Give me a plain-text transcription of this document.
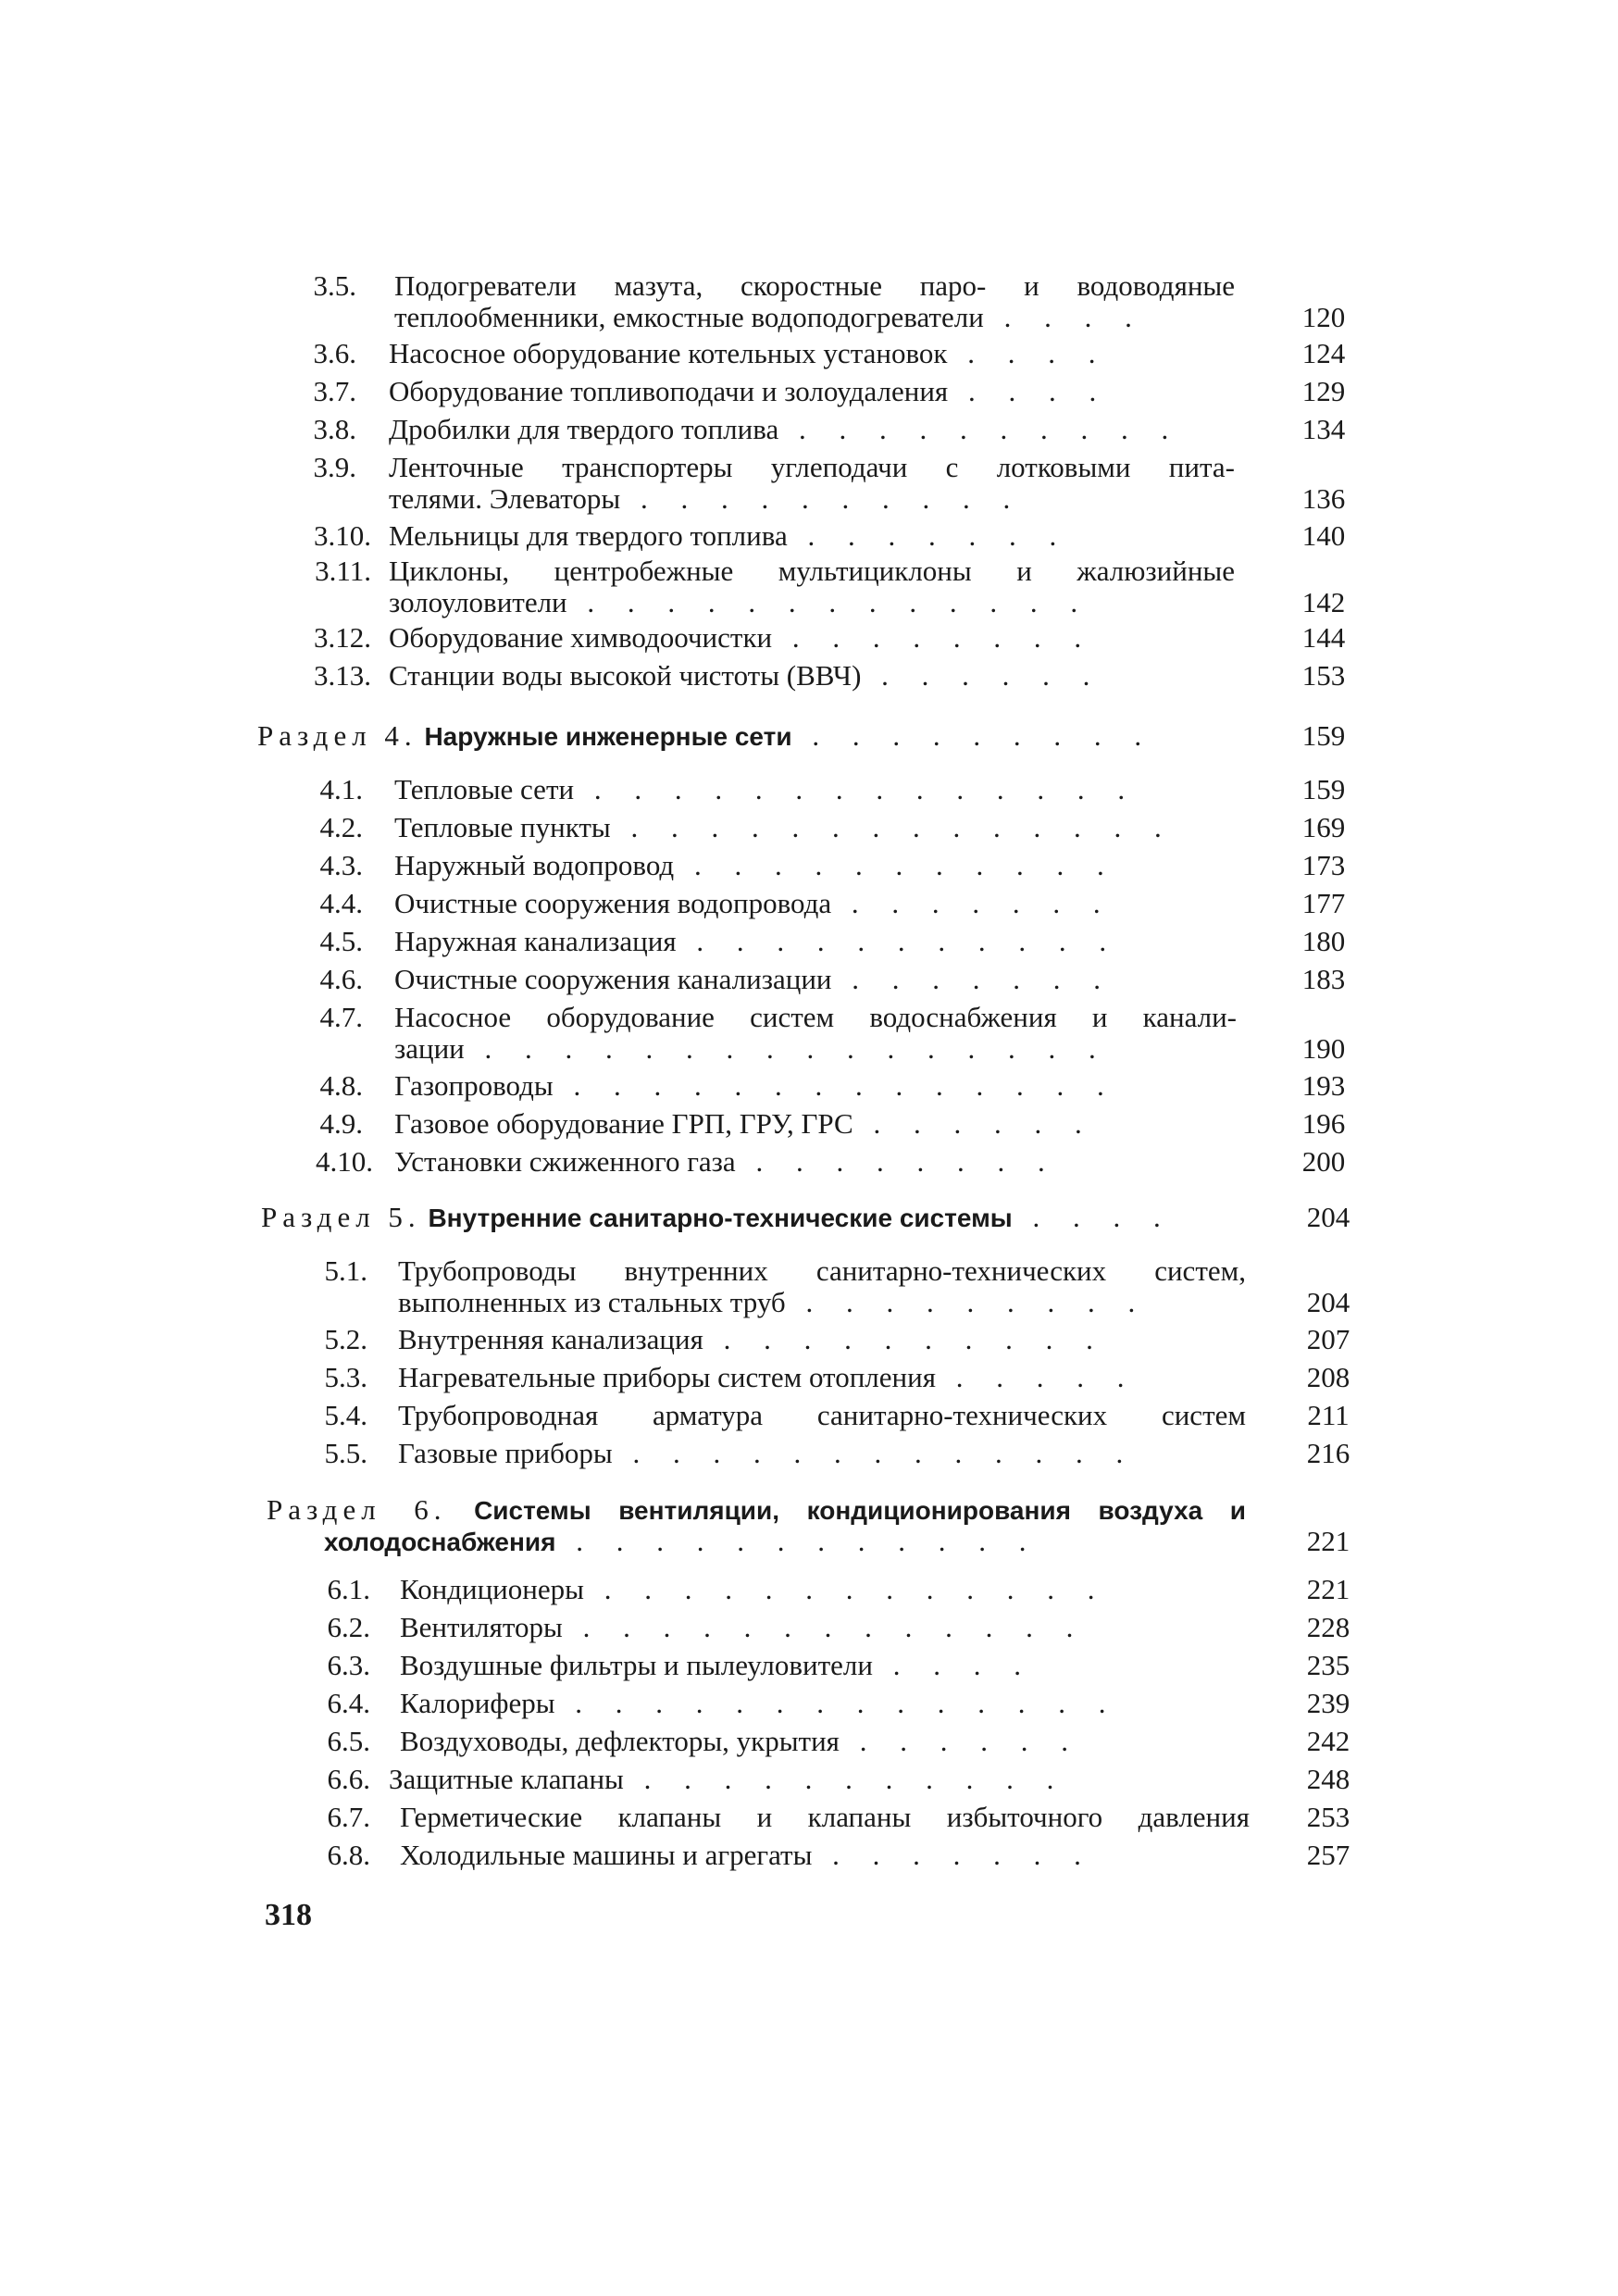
3.5. Подогреватели мазута, скоростные паро- и водоводяные
теплообменники, емкостные водоподогреватели . . . .	120
3.6. Насосное оборудование котельных установок . . . .	124
3.7. Оборудование топливоподачи и золоудаления . . . .	129
3.8. Дробилки для твердого топлива . . . . . . . . . .	134
3.9. Ленточные транспортеры углеподачи с лотковыми пита-
телями. Элеваторы . . . . . . . . . .	136
3.10. Мельницы для твердого топлива . . . . . . .	140
3.11. Циклоны, центробежные мультициклоны и жалюзийные
золоуловители . . . . . . . . . . . . .	142
3.12. Оборудование химводоочистки . . . . . . . .	144
3.13. Станции воды высокой чистоты (ВВЧ) . . . . . .	153
Раздел 4. Наружные инженерные сети . . . . . . . . .	159
4.1. Тепловые сети . . . . . . . . . . . . . .	159
4.2. Тепловые пункты . . . . . . . . . . . . . .	169
4.3. Наружный водопровод . . . . . . . . . . .	173
4.4. Очистные сооружения водопровода . . . . . . .	177
4.5. Наружная канализация . . . . . . . . . . .	180
4.6. Очистные сооружения канализации . . . . . . .	183
4.7. Насосное оборудование систем водоснабжения и канали-
зации . . . . . . . . . . . . . . . .	190
4.8. Газопроводы . . . . . . . . . . . . . .	193
4.9. Газовое оборудование ГРП, ГРУ, ГРС . . . . . .	196
4.10. Установки сжиженного газа . . . . . . . .	200
Раздел 5. Внутренние санитарно-технические системы . . . .	204
5.1. Трубопроводы внутренних санитарно-технических систем,
выполненных из стальных труб . . . . . . . . .	204
5.2. Внутренняя канализация . . . . . . . . . .	207
5.3. Нагревательные приборы систем отопления . . . . .	208
5.4. Трубопроводная арматура санитарно-технических систем	211
5.5. Газовые приборы . . . . . . . . . . . . .	216
Раздел 6. Системы вентиляции, кондиционирования воздуха и
холодоснабжения . . . . . . . . . . . .	221
6.1. Кондиционеры . . . . . . . . . . . . .	221
6.2. Вентиляторы . . . . . . . . . . . . .	228
6.3. Воздушные фильтры и пылеуловители . . . .	235
6.4. Калориферы . . . . . . . . . . . . . .	239
6.5. Воздуховоды, дефлекторы, укрытия . . . . . .	242
6.6. Защитные клапаны . . . . . . . . . . .	248
6.7. Герметические клапаны и клапаны избыточного давления	253
6.8. Холодильные машины и агрегаты . . . . . . .	257
318
